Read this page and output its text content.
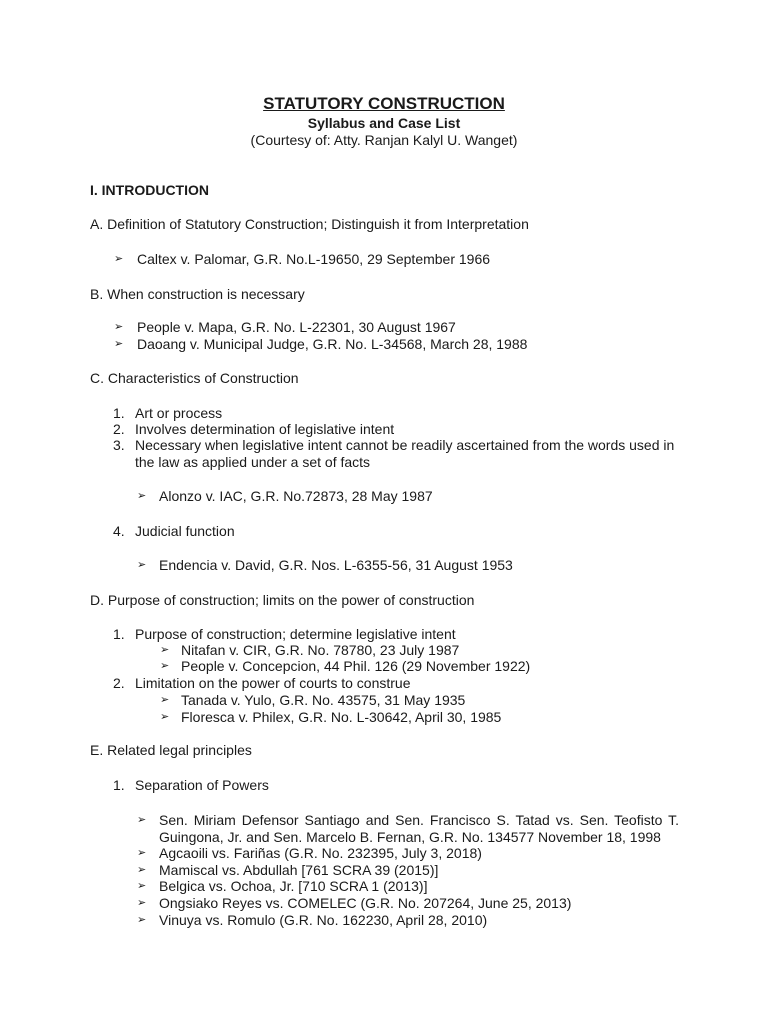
STATUTORY CONSTRUCTION
Syllabus and Case List
(Courtesy of: Atty. Ranjan Kalyl U. Wanget)
I. INTRODUCTION
A. Definition of Statutory Construction; Distinguish it from Interpretation
➢ Caltex v. Palomar, G.R. No.L-19650, 29 September 1966
B. When construction is necessary
➢ People v. Mapa, G.R. No. L-22301, 30 August 1967
➢ Daoang v. Municipal Judge, G.R. No. L-34568, March 28, 1988
C. Characteristics of Construction
1. Art or process
2. Involves determination of legislative intent
3. Necessary when legislative intent cannot be readily ascertained from the words used in
the law as applied under a set of facts
➢ Alonzo v. IAC, G.R. No.72873, 28 May 1987
4. Judicial function
➢ Endencia v. David, G.R. Nos. L-6355-56, 31 August 1953
D. Purpose of construction; limits on the power of construction
1. Purpose of construction; determine legislative intent
➢ Nitafan v. CIR, G.R. No. 78780, 23 July 1987
➢ People v. Concepcion, 44 Phil. 126 (29 November 1922)
2. Limitation on the power of courts to construe
➢ Tanada v. Yulo, G.R. No. 43575, 31 May 1935
➢ Floresca v. Philex, G.R. No. L-30642, April 30, 1985
E. Related legal principles
1. Separation of Powers
➢ Sen. Miriam Defensor Santiago and Sen. Francisco S. Tatad vs. Sen. Teofisto T.
Guingona, Jr. and Sen. Marcelo B. Fernan, G.R. No. 134577 November 18, 1998
➢ Agcaoili vs. Fariñas (G.R. No. 232395, July 3, 2018)
➢ Mamiscal vs. Abdullah [761 SCRA 39 (2015)]
➢ Belgica vs. Ochoa, Jr. [710 SCRA 1 (2013)]
➢ Ongsiako Reyes vs. COMELEC (G.R. No. 207264, June 25, 2013)
➢ Vinuya vs. Romulo (G.R. No. 162230, April 28, 2010)
